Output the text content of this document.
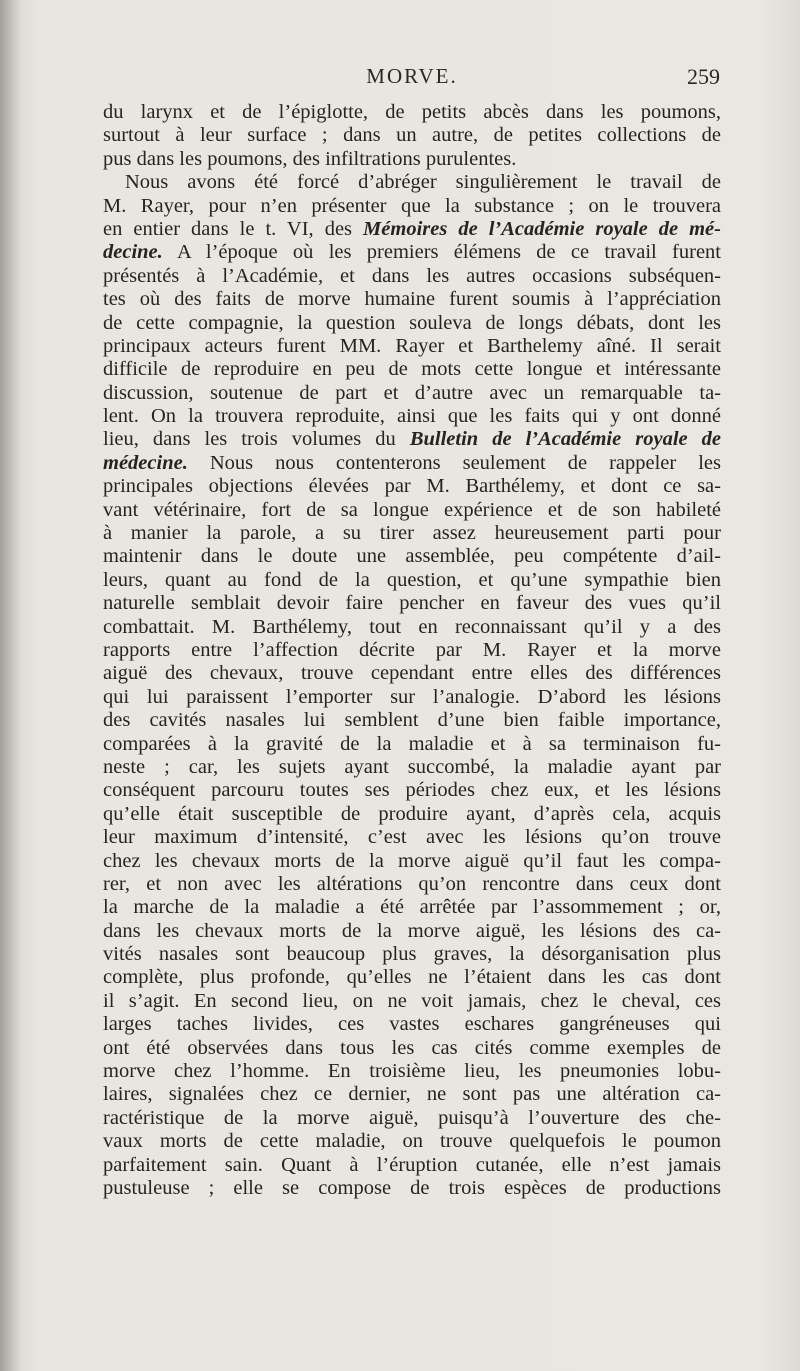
MORVE.	259
du larynx et de l’épiglotte, de petits abcès dans les poumons,
surtout à leur surface ; dans un autre, de petites collections de
pus dans les poumons, des infiltrations purulentes.
Nous avons été forcé d’abréger singulièrement le travail de
M. Rayer, pour n’en présenter que la substance ; on le trouvera
en entier dans le t. VI, des Mémoires de l’Académie royale de mé-
decine. A l’époque où les premiers élémens de ce travail furent
présentés à l’Académie, et dans les autres occasions subséquen-
tes où des faits de morve humaine furent soumis à l’appréciation
de cette compagnie, la question souleva de longs débats, dont les
principaux acteurs furent MM. Rayer et Barthelemy aîné. Il serait
difficile de reproduire en peu de mots cette longue et intéressante
discussion, soutenue de part et d’autre avec un remarquable ta-
lent. On la trouvera reproduite, ainsi que les faits qui y ont donné
lieu, dans les trois volumes du Bulletin de l’Académie royale de
médecine. Nous nous contenterons seulement de rappeler les
principales objections élevées par M. Barthélemy, et dont ce sa-
vant vétérinaire, fort de sa longue expérience et de son habileté
à manier la parole, a su tirer assez heureusement parti pour
maintenir dans le doute une assemblée, peu compétente d’ail-
leurs, quant au fond de la question, et qu’une sympathie bien
naturelle semblait devoir faire pencher en faveur des vues qu’il
combattait. M. Barthélemy, tout en reconnaissant qu’il y a des
rapports entre l’affection décrite par M. Rayer et la morve
aiguë des chevaux, trouve cependant entre elles des différences
qui lui paraissent l’emporter sur l’analogie. D’abord les lésions
des cavités nasales lui semblent d’une bien faible importance,
comparées à la gravité de la maladie et à sa terminaison fu-
neste ; car, les sujets ayant succombé, la maladie ayant par
conséquent parcouru toutes ses périodes chez eux, et les lésions
qu’elle était susceptible de produire ayant, d’après cela, acquis
leur maximum d’intensité, c’est avec les lésions qu’on trouve
chez les chevaux morts de la morve aiguë qu’il faut les compa-
rer, et non avec les altérations qu’on rencontre dans ceux dont
la marche de la maladie a été arrêtée par l’assommement ; or,
dans les chevaux morts de la morve aiguë, les lésions des ca-
vités nasales sont beaucoup plus graves, la désorganisation plus
complète, plus profonde, qu’elles ne l’étaient dans les cas dont
il s’agit. En second lieu, on ne voit jamais, chez le cheval, ces
larges taches livides, ces vastes eschares gangréneuses qui
ont été observées dans tous les cas cités comme exemples de
morve chez l’homme. En troisième lieu, les pneumonies lobu-
laires, signalées chez ce dernier, ne sont pas une altération ca-
ractéristique de la morve aiguë, puisqu’à l’ouverture des che-
vaux morts de cette maladie, on trouve quelquefois le poumon
parfaitement sain. Quant à l’éruption cutanée, elle n’est jamais
pustuleuse ; elle se compose de trois espèces de productions
